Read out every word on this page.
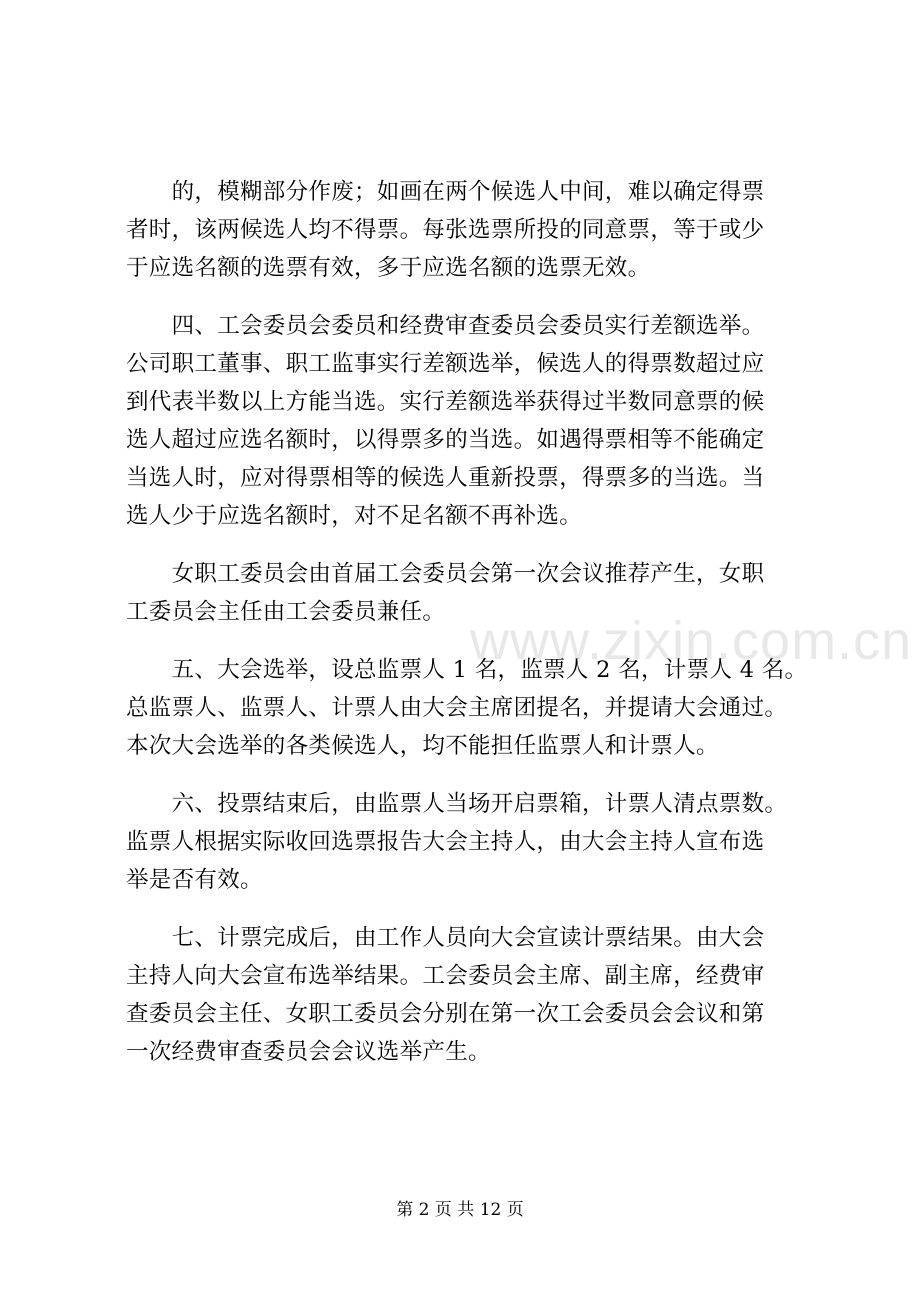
　　的，模糊部分作废；如画在两个候选人中间，难以确定得票

者时，该两候选人均不得票。每张选票所投的同意票，等于或少

于应选名额的选票有效，多于应选名额的选票无效。

　　四、工会委员会委员和经费审查委员会委员实行差额选举。

公司职工董事、职工监事实行差额选举，候选人的得票数超过应

到代表半数以上方能当选。实行差额选举获得过半数同意票的候

选人超过应选名额时，以得票多的当选。如遇得票相等不能确定

当选人时，应对得票相等的候选人重新投票，得票多的当选。当

选人少于应选名额时，对不足名额不再补选。

　　女职工委员会由首届工会委员会第一次会议推荐产生，女职

工委员会主任由工会委员兼任。

　　五、大会选举，设总监票人 1 名，监票人 2 名，计票人 4 名。

总监票人、监票人、计票人由大会主席团提名，并提请大会通过。

本次大会选举的各类候选人，均不能担任监票人和计票人。

　　六、投票结束后，由监票人当场开启票箱，计票人清点票数。

监票人根据实际收回选票报告大会主持人，由大会主持人宣布选

举是否有效。

　　七、计票完成后，由工作人员向大会宣读计票结果。由大会

主持人向大会宣布选举结果。工会委员会主席、副主席，经费审

查委员会主任、女职工委员会分别在第一次工会委员会会议和第

一次经费审查委员会会议选举产生。

www.zixin.com.cn
第 2 页 共 12 页
